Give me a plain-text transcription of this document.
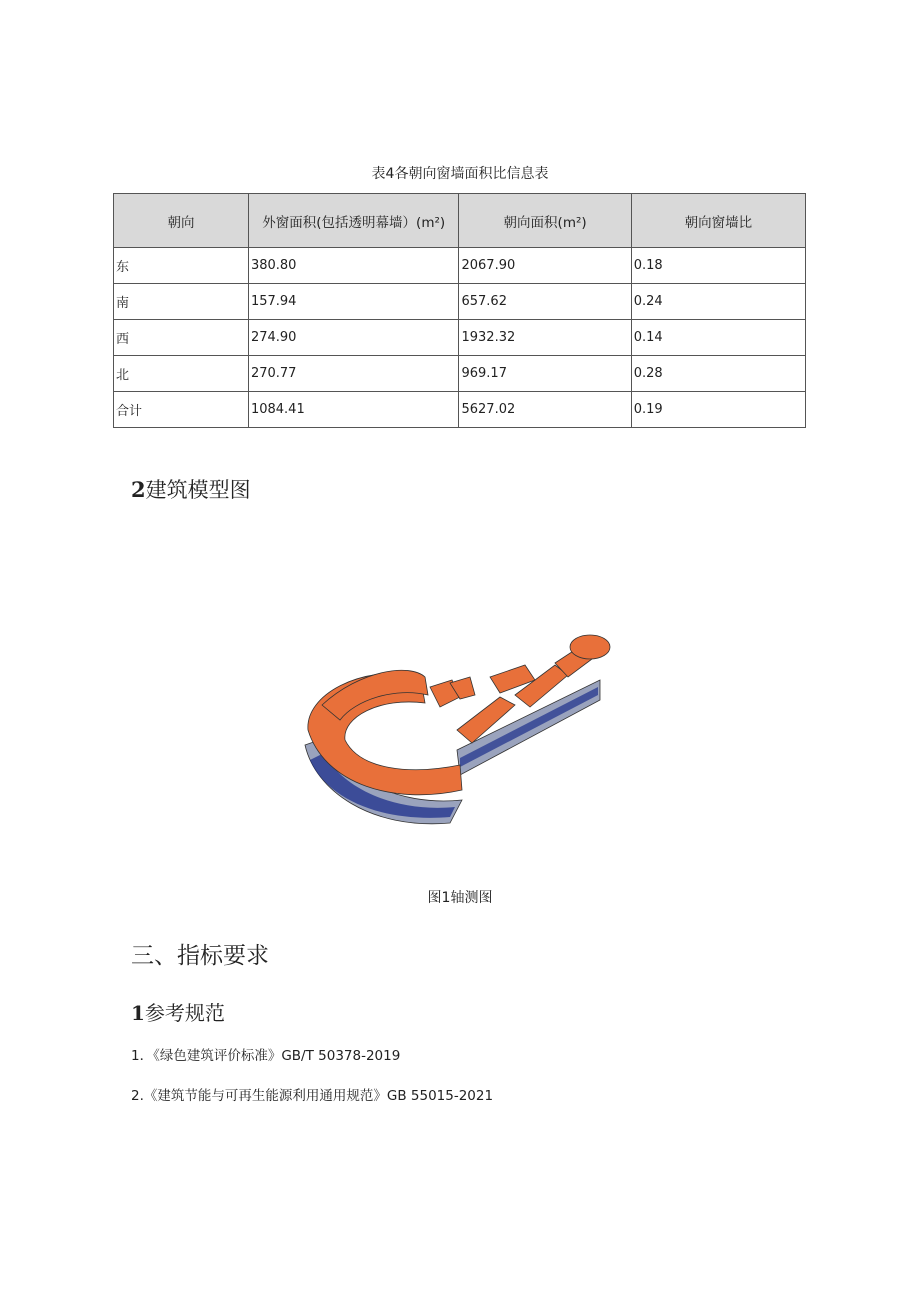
表4各朝向窗墙面积比信息表
朝向	外窗面积(包括透明幕墙）(m²)	朝向面积(m²)	朝向窗墙比
东	380.80	2067.90	0.18
南	157.94	657.62	0.24
西	274.90	1932.32	0.14
北	270.77	969.17	0.28
合计	1084.41	5627.02	0.19
2建筑模型图
图1轴测图
三、指标要求
1参考规范
1．《绿色建筑评价标准》GB/T 50378-2019
2.《建筑节能与可再生能源利用通用规范》GB 55015-2021
